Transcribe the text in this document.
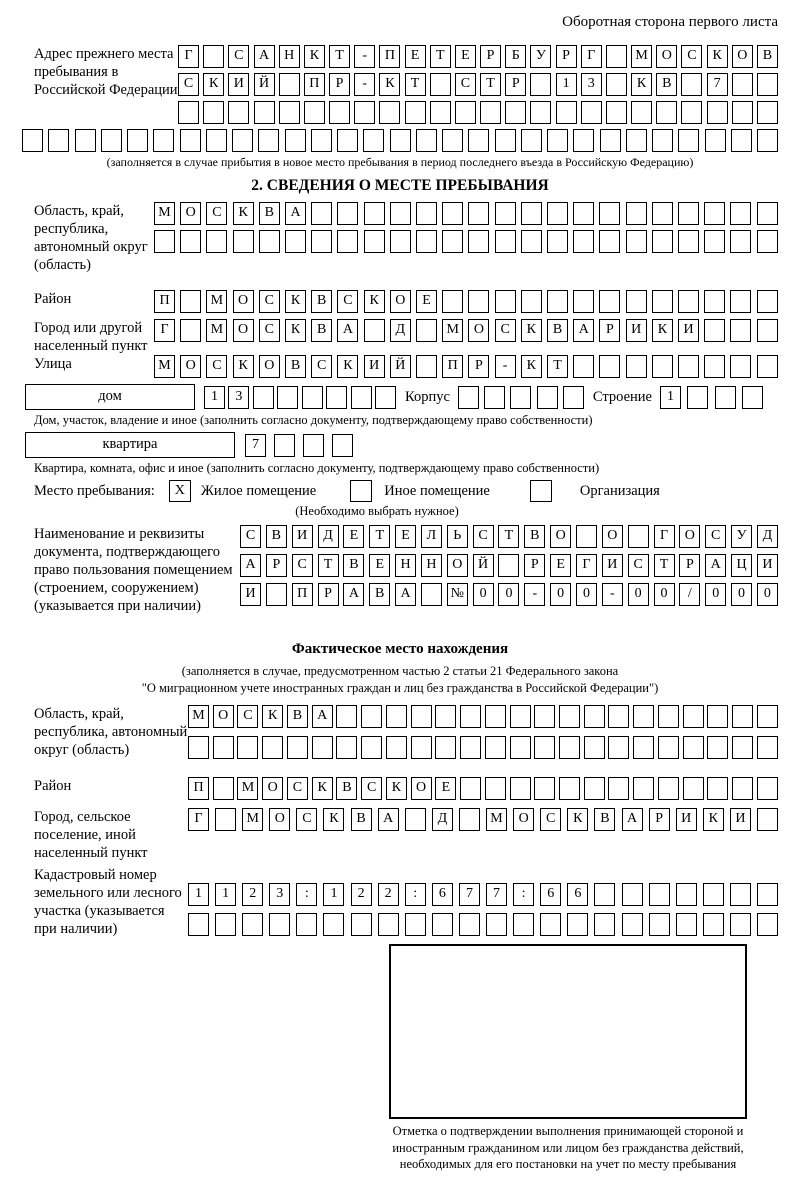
Оборотная сторона первого листа
Адрес прежнего места пребывания в Российской Федерации
Г	С	А	Н	К	Т	-	П	Е	Т	Е	Р	Б	У	Р	Г	М О	С	К	О	В
С	К	И	Й	П	Р	-	К	Т	С	Т	Р	1	3	К	В	7
(заполняется в случае прибытия в новое место пребывания в период последнего въезда в Российскую Федерацию)
2. СВЕДЕНИЯ О МЕСТЕ ПРЕБЫВАНИЯ
Область, край, республика, автономный округ (область)
М	О	С	К	В	А
Район	П	М	О	С	К	В	С	К	О	Е
Город или другой населенный пункт
Г	М	О	С	К	В	А	Д	М	О	С	К	В	А	Р	И	К	И
Улица	М	О	С	К	О	В	С	К	И	Й	П	Р	-	К	Т
дом	1	3	Корпус	Строение	1
Дом, участок, владение и иное (заполнить согласно документу, подтверждающему право собственности)
квартира	7
Квартира, комната, офис и иное (заполнить согласно документу, подтверждающему право собственности)
Место пребывания:	X	Жилое помещение	Иное помещение	Организация
(Необходимо выбрать нужное)
Наименование и реквизиты документа, подтверждающего право пользования помещением (строением, сооружением) (указывается при наличии)
С	В	И	Д	Е	Т	Е	Л	Ь	С	Т	В	О	О	Г	О	С	У	Д
А	Р	С	Т	В	Е	Н	Н	О	Й	Р	Е	Г	И	С	Т	Р	А	Ц	И
И	П	Р	А	В	А	№	0	0	-	0	0	-	0	0	/	0	0	0
Фактическое место нахождения
(заполняется в случае, предусмотренном частью 2 статьи 21 Федерального закона
"О миграционном учете иностранных граждан и лиц без гражданства в Российской Федерации")
Область, край, республика, автономный округ (область)
М О	С	К	В	А
Район	П	М О	С	К	В	С	К	О	Е
Город, сельское поселение, иной населенный пункт
Г	М	О	С	К	В	А	Д	М	О	С	К	В	А	Р	И	К	И
Кадастровый номер земельного или лесного участка (указывается при наличии)
1	1	2	3	:	1	2	2	:	6	7	7	:	6	6
Отметка о подтверждении выполнения принимающей стороной и иностранным гражданином или лицом без гражданства действий, необходимых для его постановки на учет по месту пребывания
